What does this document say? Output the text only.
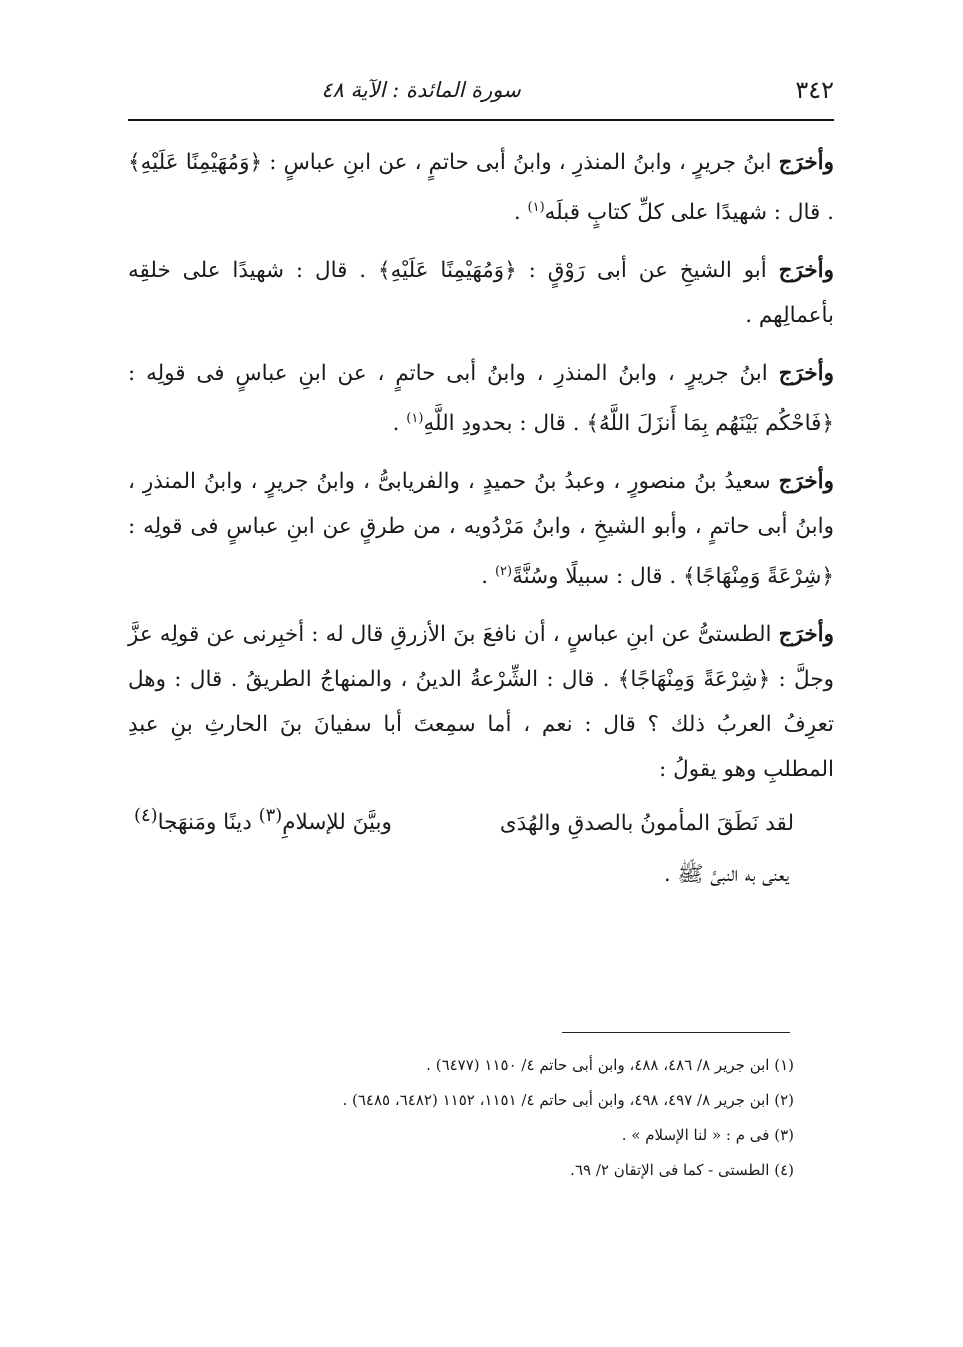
٣٤٢
سورة المائدة : الآية ٤٨

وأخرَج ابنُ جريرٍ ، وابنُ المنذرِ ، وابنُ أبى حاتمٍ ، عن ابنِ عباسٍ : ﴿وَمُهَيْمِنًا عَلَيْهِ﴾ . قال : شهيدًا على كلِّ كتابٍ قبلَه$^{(١)}$ .

وأخرَج أبو الشيخِ عن أبى رَوْقٍ : ﴿وَمُهَيْمِنًا عَلَيْهِ﴾ . قال : شهيدًا على خلقِه بأعمالِهم .

وأخرَج ابنُ جريرٍ ، وابنُ المنذرِ ، وابنُ أبى حاتمٍ ، عن ابنِ عباسٍ فى قولِه : ﴿فَاحْكُم بَيْنَهُم بِمَا أَنزَلَ اللَّهُ﴾ . قال : بحدودِ اللَّهِ$^{(١)}$ .

وأخرَج سعيدُ بنُ منصورٍ ، وعبدُ بنُ حميدٍ ، والفريابىُّ ، وابنُ جريرٍ ، وابنُ المنذرِ ، وابنُ أبى حاتمٍ ، وأبو الشيخِ ، وابنُ مَرْدُويه ، من طرقٍ عن ابنِ عباسٍ فى قولِه : ﴿شِرْعَةً وَمِنْهَاجًا﴾ . قال : سبيلًا وسُنَّةً$^{(٢)}$ .

وأخرَج الطستىُّ عن ابنِ عباسٍ ، أن نافعَ بنَ الأزرقِ قال له : أخبِرنى عن قولِه عزَّ وجلَّ : ﴿شِرْعَةً وَمِنْهَاجًا﴾ . قال : الشِّرْعةُ الدينُ ، والمنهاجُ الطريقُ . قال : وهل تعرِفُ العربُ ذلك ؟ قال : نعم ، أما سمِعتَ أبا سفيانَ بنَ الحارثِ بنِ عبدِ المطلبِ وهو يقولُ :

لقد نَطَقَ المأمونُ بالصدقِ والهُدَى
وبيَّنَ للإسلامِ$^{(٣)}$ دينًا ومَنهَجا$^{(٤)}$
يعنى به النبىَّ ﷺ .
(١) ابن جرير ٨/ ٤٨٦، ٤٨٨، وابن أبى حاتم ٤/ ١١٥٠ (٦٤٧٧) .
(٢) ابن جرير ٨/ ٤٩٧، ٤٩٨، وابن أبى حاتم ٤/ ١١٥١، ١١٥٢ (٦٤٨٢، ٦٤٨٥) .
(٣) فى م : « لنا الإسلام » .
(٤) الطستى - كما فى الإتقان ٢/ ٦٩.
